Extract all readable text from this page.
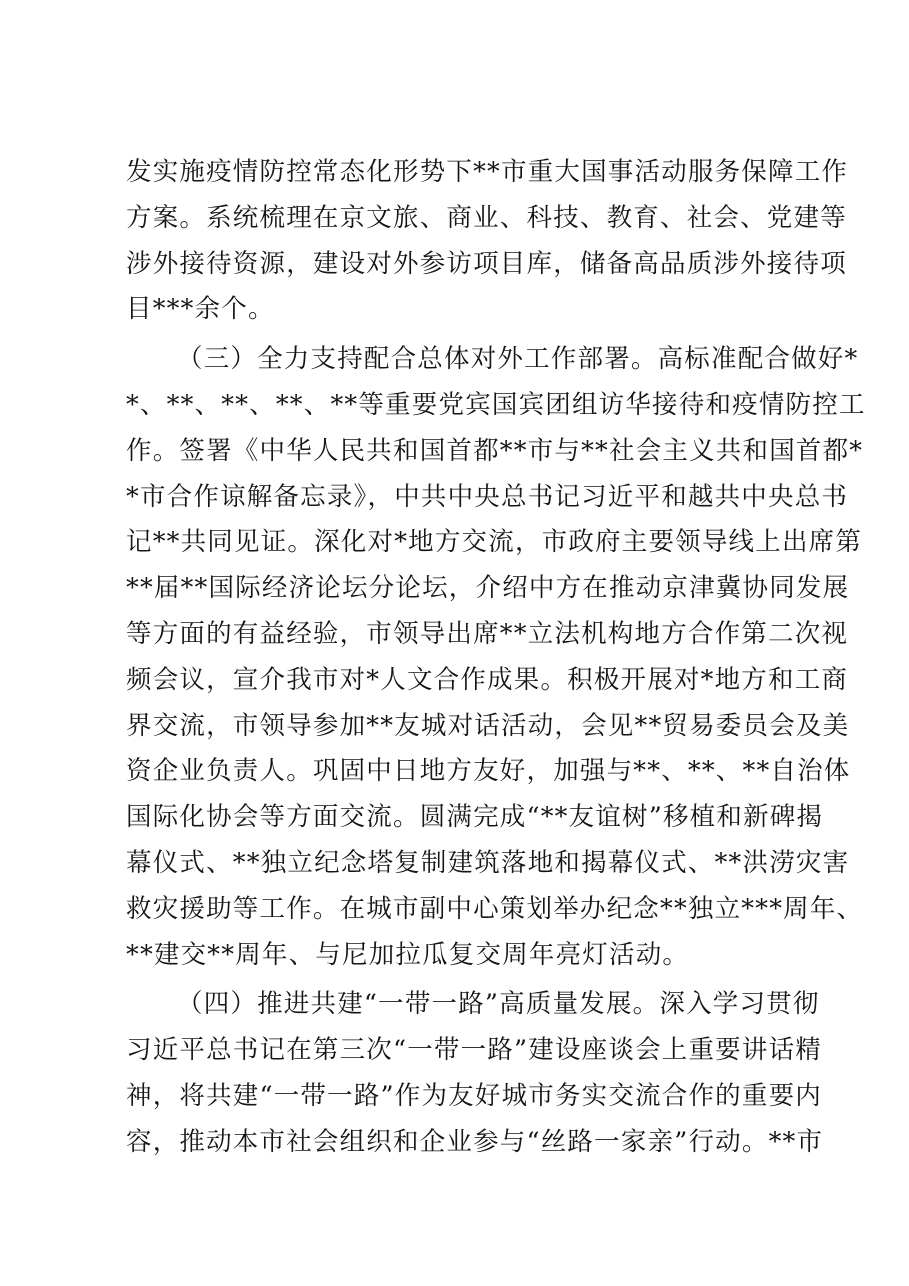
发实施疫情防控常态化形势下**市重大国事活动服务保障工作
方案。系统梳理在京文旅、商业、科技、教育、社会、党建等
涉外接待资源，建设对外参访项目库，储备高品质涉外接待项
目***余个。
（三）全力支持配合总体对外工作部署。高标准配合做好*
*、**、**、**、**等重要党宾国宾团组访华接待和疫情防控工
作。签署《中华人民共和国首都**市与**社会主义共和国首都*
*市合作谅解备忘录》，中共中央总书记习近平和越共中央总书
记**共同见证。深化对*地方交流，市政府主要领导线上出席第
**届**国际经济论坛分论坛，介绍中方在推动京津冀协同发展
等方面的有益经验，市领导出席**立法机构地方合作第二次视
频会议，宣介我市对*人文合作成果。积极开展对*地方和工商
界交流，市领导参加**友城对话活动，会见**贸易委员会及美
资企业负责人。巩固中日地方友好，加强与**、**、**自治体
国际化协会等方面交流。圆满完成“**友谊树”移植和新碑揭
幕仪式、**独立纪念塔复制建筑落地和揭幕仪式、**洪涝灾害
救灾援助等工作。在城市副中心策划举办纪念**独立***周年、
**建交**周年、与尼加拉瓜复交周年亮灯活动。
（四）推进共建“一带一路”高质量发展。深入学习贯彻
习近平总书记在第三次“一带一路”建设座谈会上重要讲话精
神，将共建“一带一路”作为友好城市务实交流合作的重要内
容，推动本市社会组织和企业参与“丝路一家亲”行动。**市
